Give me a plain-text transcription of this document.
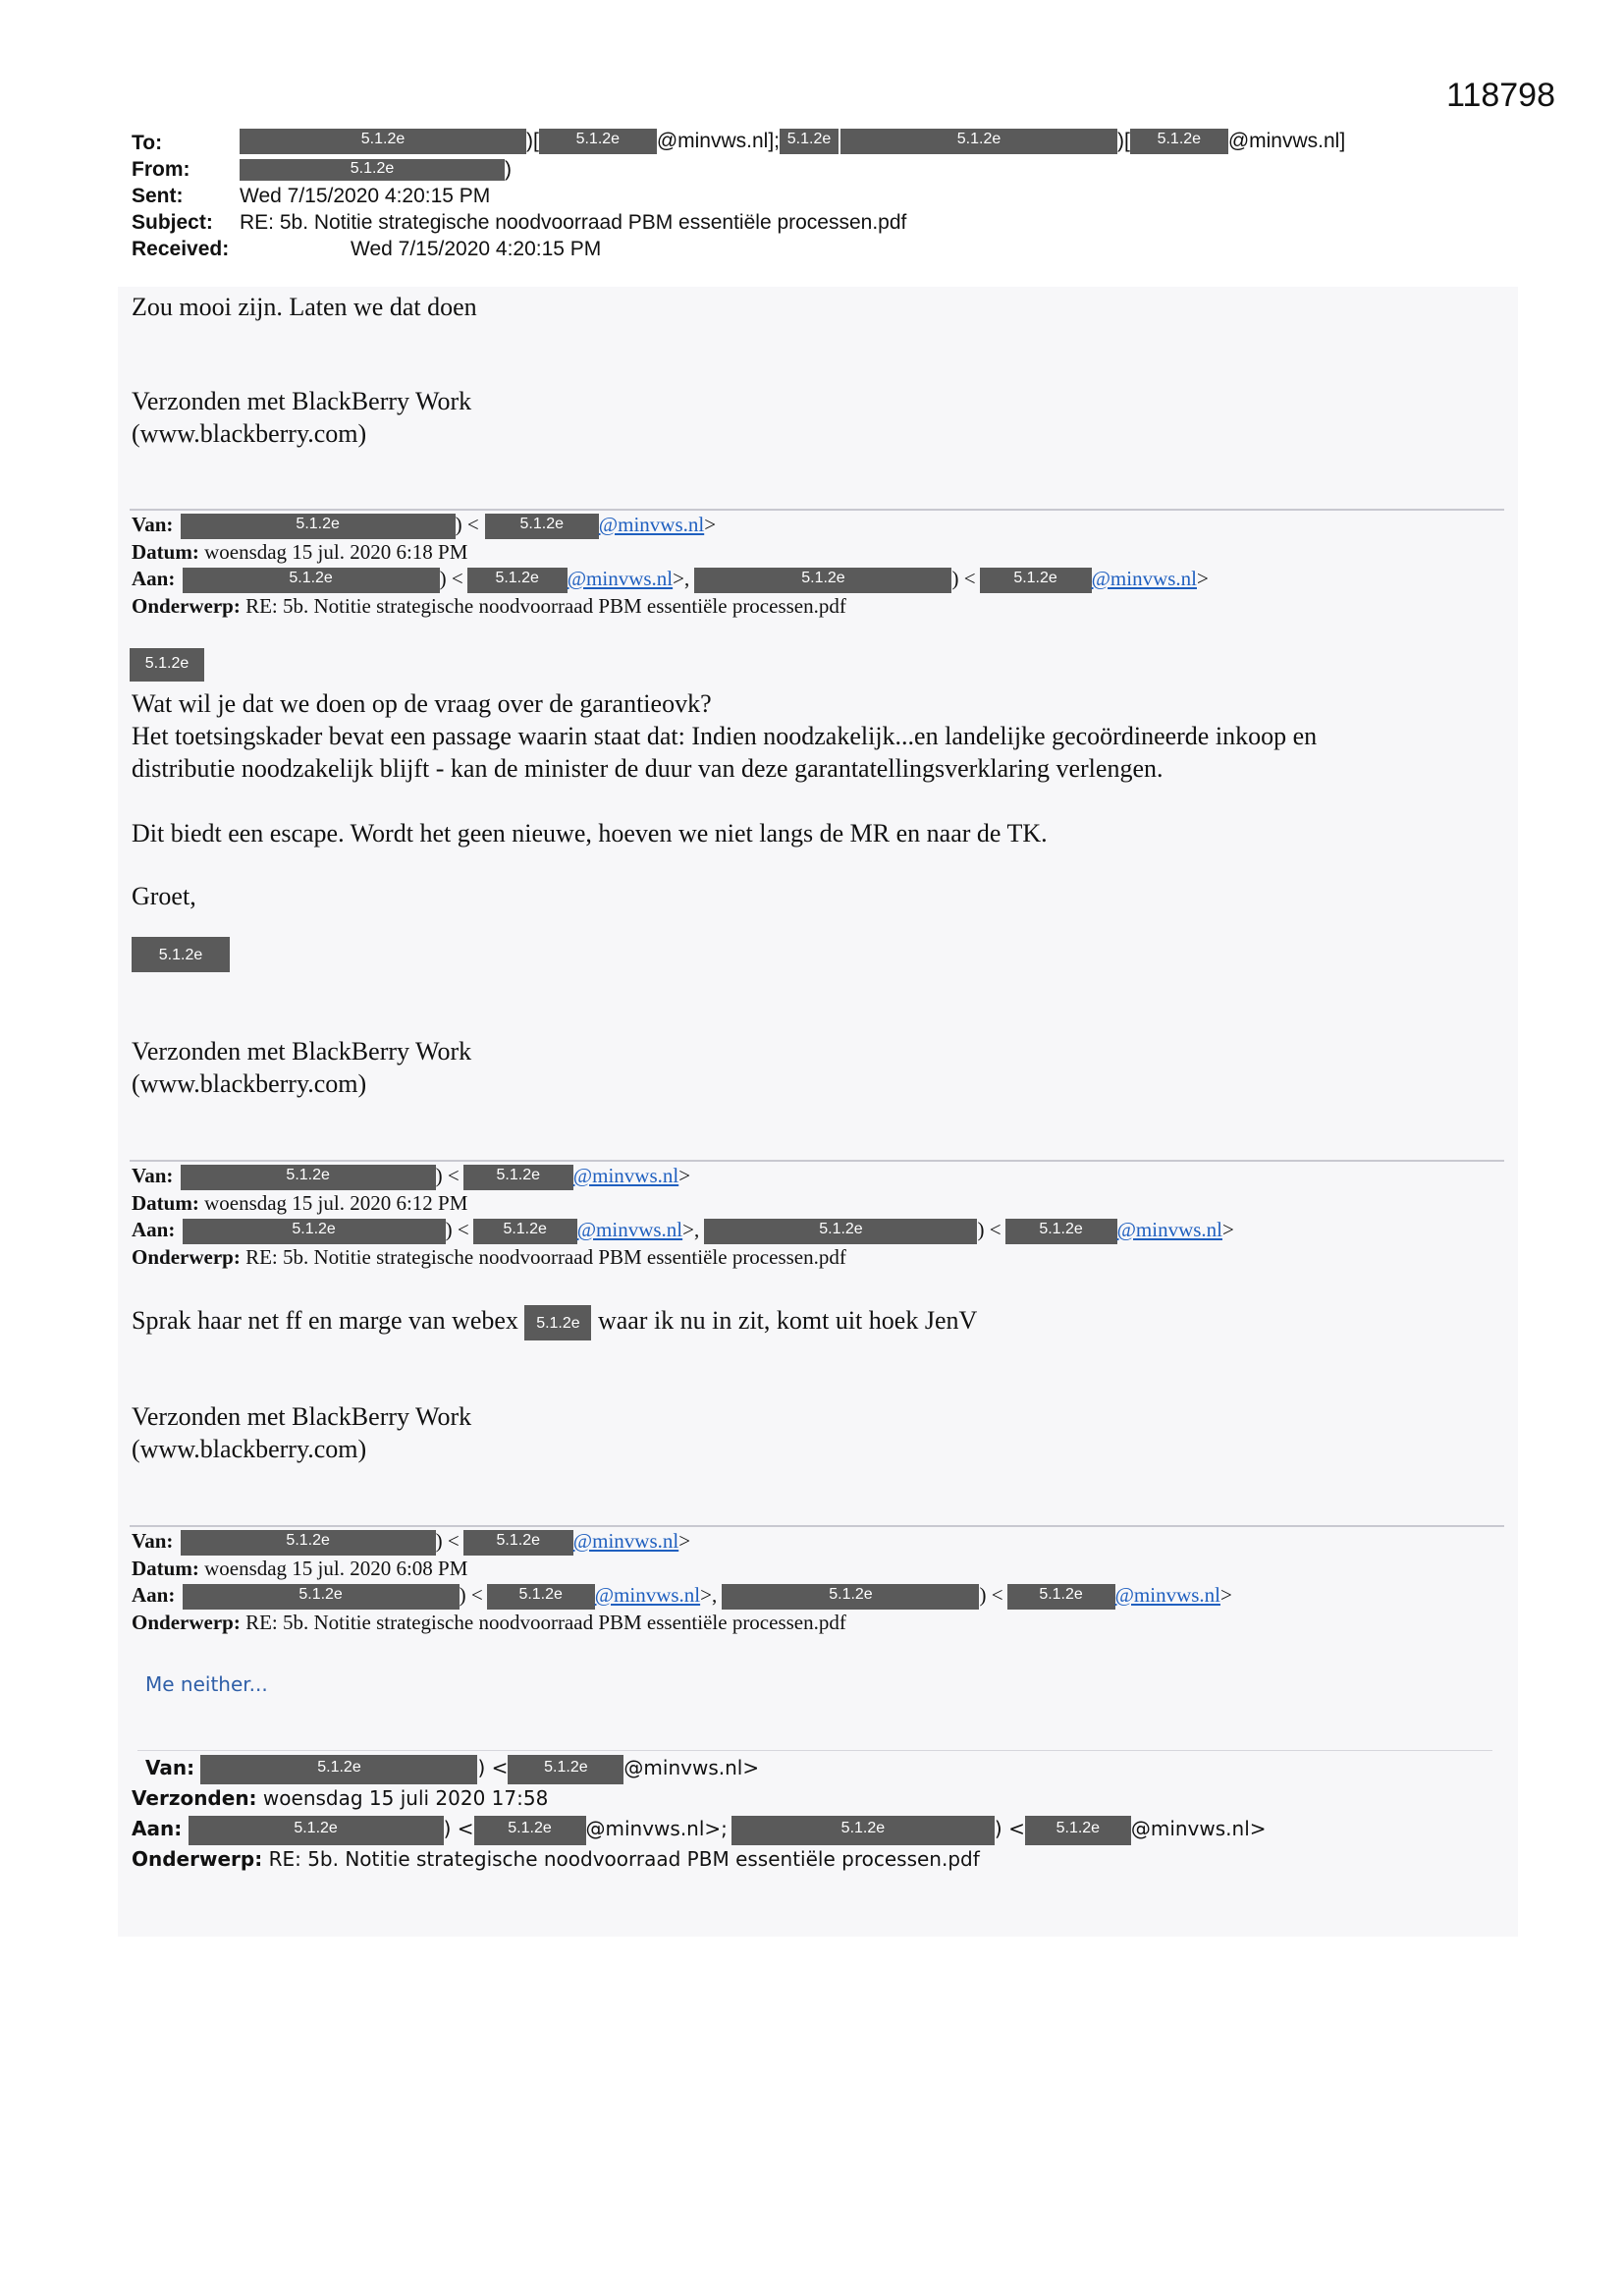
118798
To:	5.1.2e	)[ 5.1.2e @minvws.nl]; 5.1.2e	5.1.2e	)[ 5.1.2e @minvws.nl]
From:	5.1.2e	)
Sent:	Wed 7/15/2020 4:20:15 PM
Subject: RE: 5b. Notitie strategische noodvoorraad PBM essentiële processen.pdf
Received:	Wed 7/15/2020 4:20:15 PM
Zou mooi zijn. Laten we dat doen
Verzonden met BlackBerry Work
(www.blackberry.com)
Van:	5.1.2e	) <	5.1.2e @minvws.nl>
Datum: woensdag 15 jul. 2020 6:18 PM
Aan:	5.1.2e	) < 5.1.2e @minvws.nl>,	5.1.2e	) < 5.1.2e @minvws.nl>
Onderwerp: RE: 5b. Notitie strategische noodvoorraad PBM essentiële processen.pdf
5.1.2e
Wat wil je dat we doen op de vraag over de garantieovk?
Het toetsingskader bevat een passage waarin staat dat: Indien noodzakelijk...en landelijke gecoördineerde inkoop en
distributie noodzakelijk blijft - kan de minister de duur van deze garantatellingsverklaring verlengen.
Dit biedt een escape. Wordt het geen nieuwe, hoeven we niet langs de MR en naar de TK.
Groet,
5.1.2e
Verzonden met BlackBerry Work
(www.blackberry.com)
Van:	5.1.2e	) < 5.1.2e @minvws.nl>
Datum: woensdag 15 jul. 2020 6:12 PM
Aan:	5.1.2e	) < 5.1.2e @minvws.nl>,	5.1.2e	) < 5.1.2e @minvws.nl>
Onderwerp: RE: 5b. Notitie strategische noodvoorraad PBM essentiële processen.pdf
Sprak haar net ff en marge van webex 5.1.2e waar ik nu in zit, komt uit hoek JenV
Verzonden met BlackBerry Work
(www.blackberry.com)
Van:	5.1.2e	) < 5.1.2e @minvws.nl>
Datum: woensdag 15 jul. 2020 6:08 PM
Aan:	5.1.2e	) < 5.1.2e @minvws.nl>,	5.1.2e	) < 5.1.2e @minvws.nl>
Onderwerp: RE: 5b. Notitie strategische noodvoorraad PBM essentiële processen.pdf
Me neither...
Van:	5.1.2e	) < 5.1.2e @minvws.nl>
Verzonden: woensdag 15 juli 2020 17:58
Aan:	5.1.2e	) < 5.1.2e @minvws.nl>;	5.1.2e	) < 5.1.2e @minvws.nl>
Onderwerp: RE: 5b. Notitie strategische noodvoorraad PBM essentiële processen.pdf
